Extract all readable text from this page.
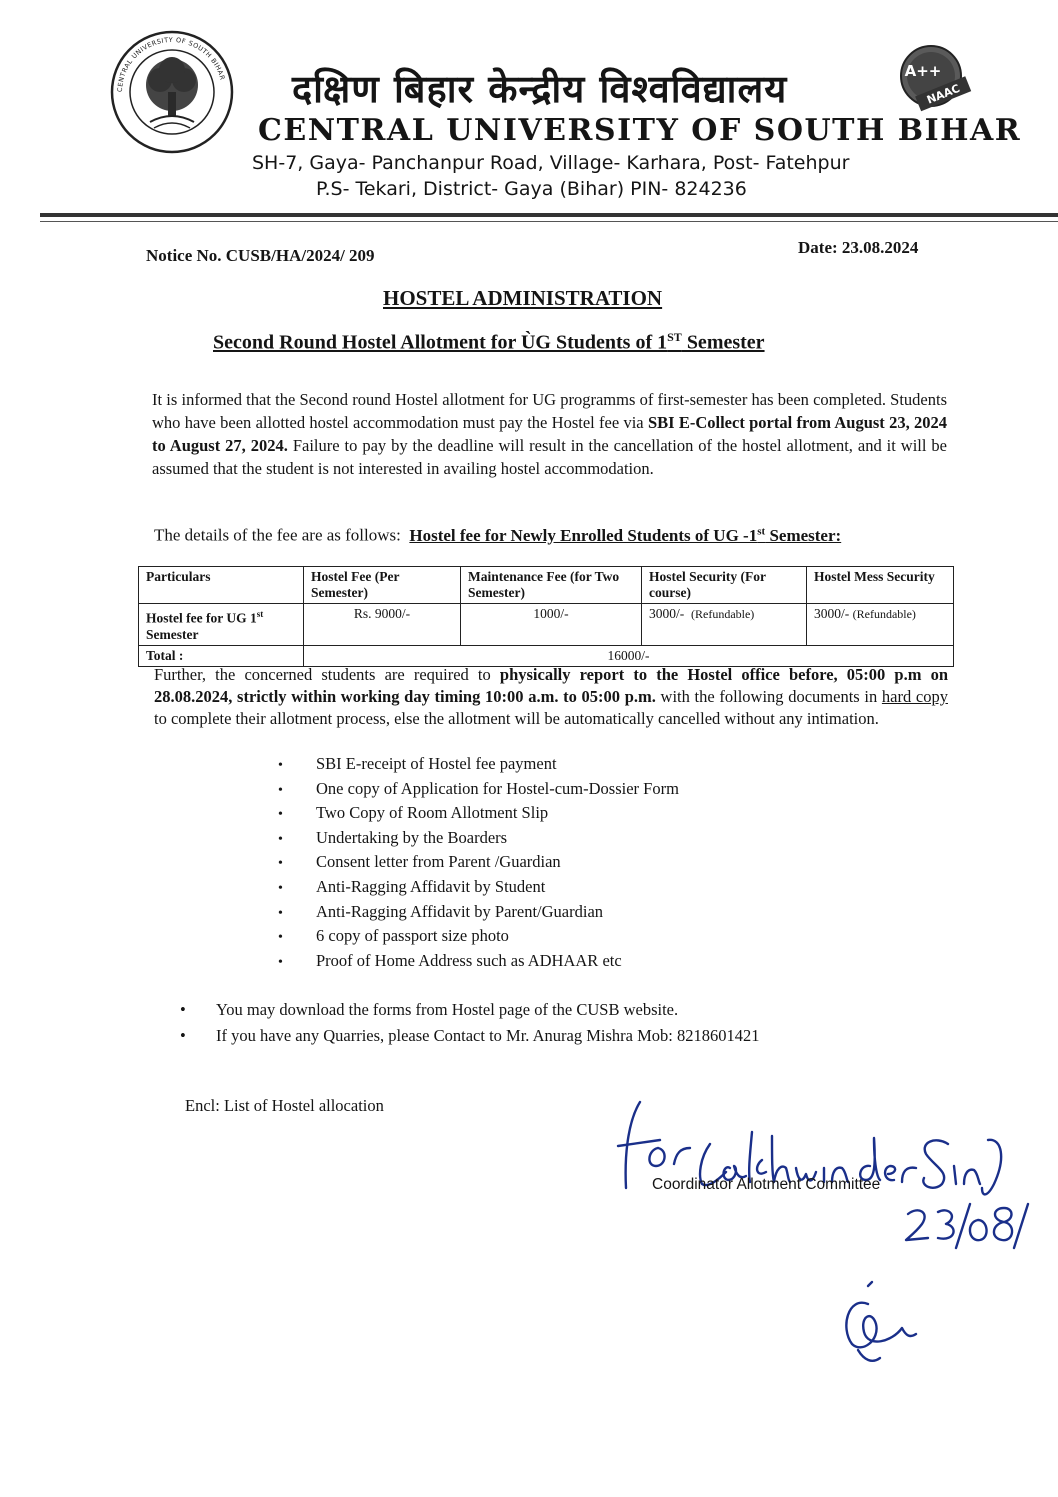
CENTRAL UNIVERSITY OF SOUTH BIHAR	A++
NAAC
दक्षिण बिहार केन्द्रीय विश्वविद्यालय
CENTRAL UNIVERSITY OF SOUTH BIHAR
SH-7, Gaya- Panchanpur Road, Village- Karhara, Post- Fatehpur
P.S- Tekari, District- Gaya (Bihar) PIN- 824236
Notice No. CUSB/HA/2024/ 209	Date: 23.08.2024
HOSTEL ADMINISTRATION
Second Round Hostel Allotment for ÙG Students of 1ST Semester
It is informed that the Second round Hostel allotment for UG programms of first-semester has been completed. Students who have been allotted hostel accommodation must pay the Hostel fee via SBI E-Collect portal from August 23, 2024 to August 27, 2024. Failure to pay by the deadline will result in the cancellation of the hostel allotment, and it will be assumed that the student is not interested in availing hostel accommodation.
The details of the fee are as follows: Hostel fee for Newly Enrolled Students of UG -1st Semester:
Particulars	Hostel Fee (Per Semester)	Maintenance Fee (for Two Semester)	Hostel Security (For course)	Hostel Mess Security
Hostel fee for UG 1st Semester	Rs. 9000/-	1000/-	3000/- (Refundable)	3000/- (Refundable)
Total :	16000/-			
Further, the concerned students are required to physically report to the Hostel office before, 05:00 p.m on 28.08.2024, strictly within working day timing 10:00 a.m. to 05:00 p.m. with the following documents in hard copy to complete their allotment process, else the allotment will be automatically cancelled without any intimation.
• SBI E-receipt of Hostel fee payment
• One copy of Application for Hostel-cum-Dossier Form
• Two Copy of Room Allotment Slip
• Undertaking by the Boarders
• Consent letter from Parent /Guardian
• Anti-Ragging Affidavit by Student
• Anti-Ragging Affidavit by Parent/Guardian
• 6 copy of passport size photo
• Proof of Home Address such as ADHAAR etc
• You may download the forms from Hostel page of the CUSB website.
• If you have any Quarries, please Contact to Mr. Anurag Mishra Mob: 8218601421
Encl: List of Hostel allocation
Coordinator Allotment Committee
